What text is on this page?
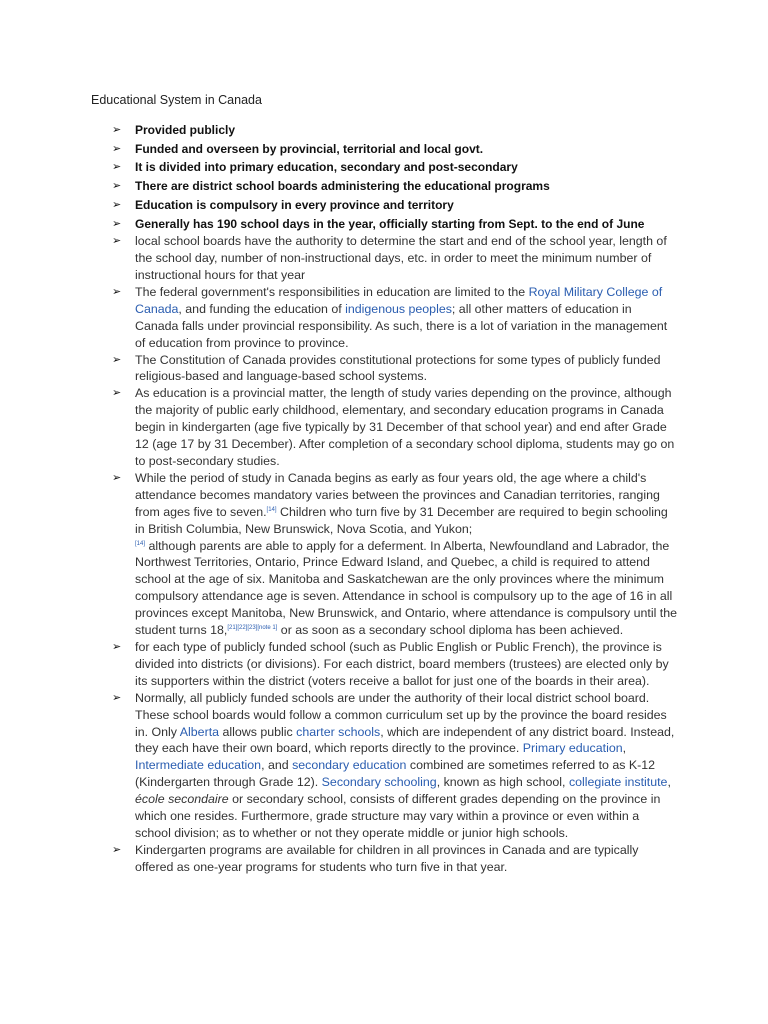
Educational System in Canada
➢ Provided publicly
➢ Funded and overseen by provincial, territorial and local govt.
➢ It is divided into primary education, secondary and post-secondary
➢ There are district school boards administering the educational programs
➢ Education is compulsory in every province and territory
➢ Generally has 190 school days in the year, officially starting from Sept. to the end of June
➢ local school boards have the authority to determine the start and end of the school year, length of the school day, number of non-instructional days, etc. in order to meet the minimum number of instructional hours for that year
➢ The federal government's responsibilities in education are limited to the Royal Military College of Canada, and funding the education of indigenous peoples; all other matters of education in Canada falls under provincial responsibility. As such, there is a lot of variation in the management of education from province to province.
➢ The Constitution of Canada provides constitutional protections for some types of publicly funded religious-based and language-based school systems.
➢ As education is a provincial matter, the length of study varies depending on the province, although the majority of public early childhood, elementary, and secondary education programs in Canada begin in kindergarten (age five typically by 31 December of that school year) and end after Grade 12 (age 17 by 31 December). After completion of a secondary school diploma, students may go on to post-secondary studies.
➢ While the period of study in Canada begins as early as four years old, the age where a child's attendance becomes mandatory varies between the provinces and Canadian territories, ranging from ages five to seven.[14] Children who turn five by 31 December are required to begin schooling in British Columbia, New Brunswick, Nova Scotia, and Yukon;
[14] although parents are able to apply for a deferment. In Alberta, Newfoundland and Labrador, the Northwest Territories, Ontario, Prince Edward Island, and Quebec, a child is required to attend school at the age of six. Manitoba and Saskatchewan are the only provinces where the minimum compulsory attendance age is seven. Attendance in school is compulsory up to the age of 16 in all provinces except Manitoba, New Brunswick, and Ontario, where attendance is compulsory until the student turns 18,[21][22][23][note 1] or as soon as a secondary school diploma has been achieved.
➢ for each type of publicly funded school (such as Public English or Public French), the province is divided into districts (or divisions). For each district, board members (trustees) are elected only by its supporters within the district (voters receive a ballot for just one of the boards in their area).
➢ Normally, all publicly funded schools are under the authority of their local district school board. These school boards would follow a common curriculum set up by the province the board resides in. Only Alberta allows public charter schools, which are independent of any district board. Instead, they each have their own board, which reports directly to the province. Primary education, Intermediate education, and secondary education combined are sometimes referred to as K-12 (Kindergarten through Grade 12). Secondary schooling, known as high school, collegiate institute, école secondaire or secondary school, consists of different grades depending on the province in which one resides. Furthermore, grade structure may vary within a province or even within a school division; as to whether or not they operate middle or junior high schools.
➢ Kindergarten programs are available for children in all provinces in Canada and are typically offered as one-year programs for students who turn five in that year.
